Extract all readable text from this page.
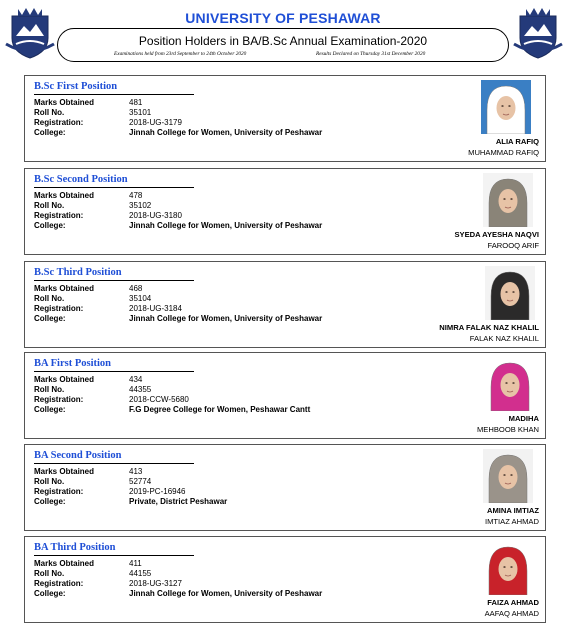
UNIVERSITY OF PESHAWAR
Position Holders in BA/B.Sc Annual Examination-2020
Examinations held from 23rd September to 24th October 2020	Results Declared on Thursday 31st December 2020
B.Sc First Position
Marks Obtained	481
Roll No.	35101
Registration:	2018-UG-3179
College:	Jinnah College for Women, University of Peshawar
ALIA RAFIQ
MUHAMMAD RAFIQ
B.Sc Second Position
Marks Obtained	478
Roll No.	35102
Registration:	2018-UG-3180
College:	Jinnah College for Women, University of Peshawar
SYEDA AYESHA NAQVI
FAROOQ ARIF
B.Sc Third Position
Marks Obtained	468
Roll No.	35104
Registration:	2018-UG-3184
College:	Jinnah College for Women, University of Peshawar
NIMRA FALAK NAZ KHALIL
FALAK NAZ KHALIL
BA First Position
Marks Obtained	434
Roll No.	44355
Registration:	2018-CCW-5680
College:	F.G Degree College for Women, Peshawar Cantt
MADIHA
MEHBOOB KHAN
BA Second Position
Marks Obtained	413
Roll No.	52774
Registration:	2019-PC-16946
College:	Private, District Peshawar
AMINA IMTIAZ
IMTIAZ AHMAD
BA Third Position
Marks Obtained	411
Roll No.	44155
Registration:	2018-UG-3127
College:	Jinnah College for Women, University of Peshawar
FAIZA AHMAD
AAFAQ AHMAD
